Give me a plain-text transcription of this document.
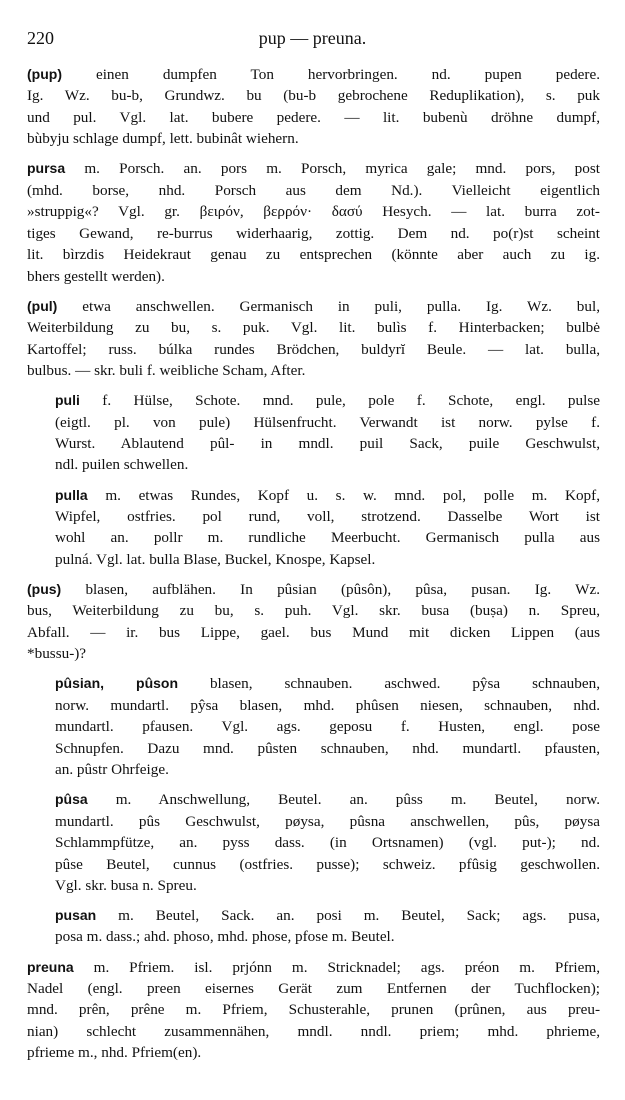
220	pup — preuna.
(pup) einen dumpfen Ton hervorbringen. nd. pupen pedere.
Ig. Wz. bu-b, Grundwz. bu (bu-b gebrochene Reduplikation), s. puk
und pul. Vgl. lat. bubere pedere. — lit. bubenù dröhne dumpf,
bùbyju schlage dumpf, lett. bubinât wiehern.
pursa m. Porsch. an. pors m. Porsch, myrica gale; mnd. pors, post
(mhd. borse, nhd. Porsch aus dem Nd.). Vielleicht eigentlich
»struppig«? Vgl. gr. βειρόν, βερρόν· δασύ Hesych. — lat. burra zot-
tiges Gewand, re-burrus widerhaarig, zottig. Dem nd. po(r)st scheint
lit. bìrzdis Heidekraut genau zu entsprechen (könnte aber auch zu ig.
bhers gestellt werden).
(pul) etwa anschwellen. Germanisch in puli, pulla. Ig. Wz. bul,
Weiterbildung zu bu, s. puk. Vgl. lit. bulìs f. Hinterbacken; bulbė
Kartoffel; russ. búlka rundes Brödchen, buldyrĭ Beule. — lat. bulla,
bulbus. — skr. buli f. weibliche Scham, After.
puli f. Hülse, Schote. mnd. pule, pole f. Schote, engl. pulse
(eigtl. pl. von pule) Hülsenfrucht. Verwandt ist norw. pylse f.
Wurst. Ablautend pûl- in mndl. puil Sack, puile Geschwulst,
ndl. puilen schwellen.
pulla m. etwas Rundes, Kopf u. s. w. mnd. pol, polle m. Kopf,
Wipfel, ostfries. pol rund, voll, strotzend. Dasselbe Wort ist
wohl an. pollr m. rundliche Meerbucht. Germanisch pulla aus
pulná. Vgl. lat. bulla Blase, Buckel, Knospe, Kapsel.
(pus) blasen, aufblähen. In pûsian (pûsôn), pûsa, pusan. Ig. Wz.
bus, Weiterbildung zu bu, s. puh. Vgl. skr. busa (buṣa) n. Spreu,
Abfall. — ir. bus Lippe, gael. bus Mund mit dicken Lippen (aus
*bussu-)?
pûsian, pûson blasen, schnauben. aschwed. pŷsa schnauben,
norw. mundartl. pŷsa blasen, mhd. phûsen niesen, schnauben, nhd.
mundartl. pfausen. Vgl. ags. geposu f. Husten, engl. pose
Schnupfen. Dazu mnd. pûsten schnauben, nhd. mundartl. pfausten,
an. pûstr Ohrfeige.
pûsa m. Anschwellung, Beutel. an. pûss m. Beutel, norw.
mundartl. pûs Geschwulst, pøysa, pûsna anschwellen, pûs, pøysa
Schlammpfütze, an. pyss dass. (in Ortsnamen) (vgl. put-); nd.
pûse Beutel, cunnus (ostfries. pusse); schweiz. pfûsig geschwollen.
Vgl. skr. busa n. Spreu.
pusan m. Beutel, Sack. an. posi m. Beutel, Sack; ags. pusa,
posa m. dass.; ahd. phoso, mhd. phose, pfose m. Beutel.
preuna m. Pfriem. isl. prjónn m. Stricknadel; ags. préon m. Pfriem,
Nadel (engl. preen eisernes Gerät zum Entfernen der Tuchflocken);
mnd. prên, prêne m. Pfriem, Schusterahle, prunen (prûnen, aus preu-
nian) schlecht zusammennähen, mndl. nndl. priem; mhd. phrieme,
pfrieme m., nhd. Pfriem(en).
